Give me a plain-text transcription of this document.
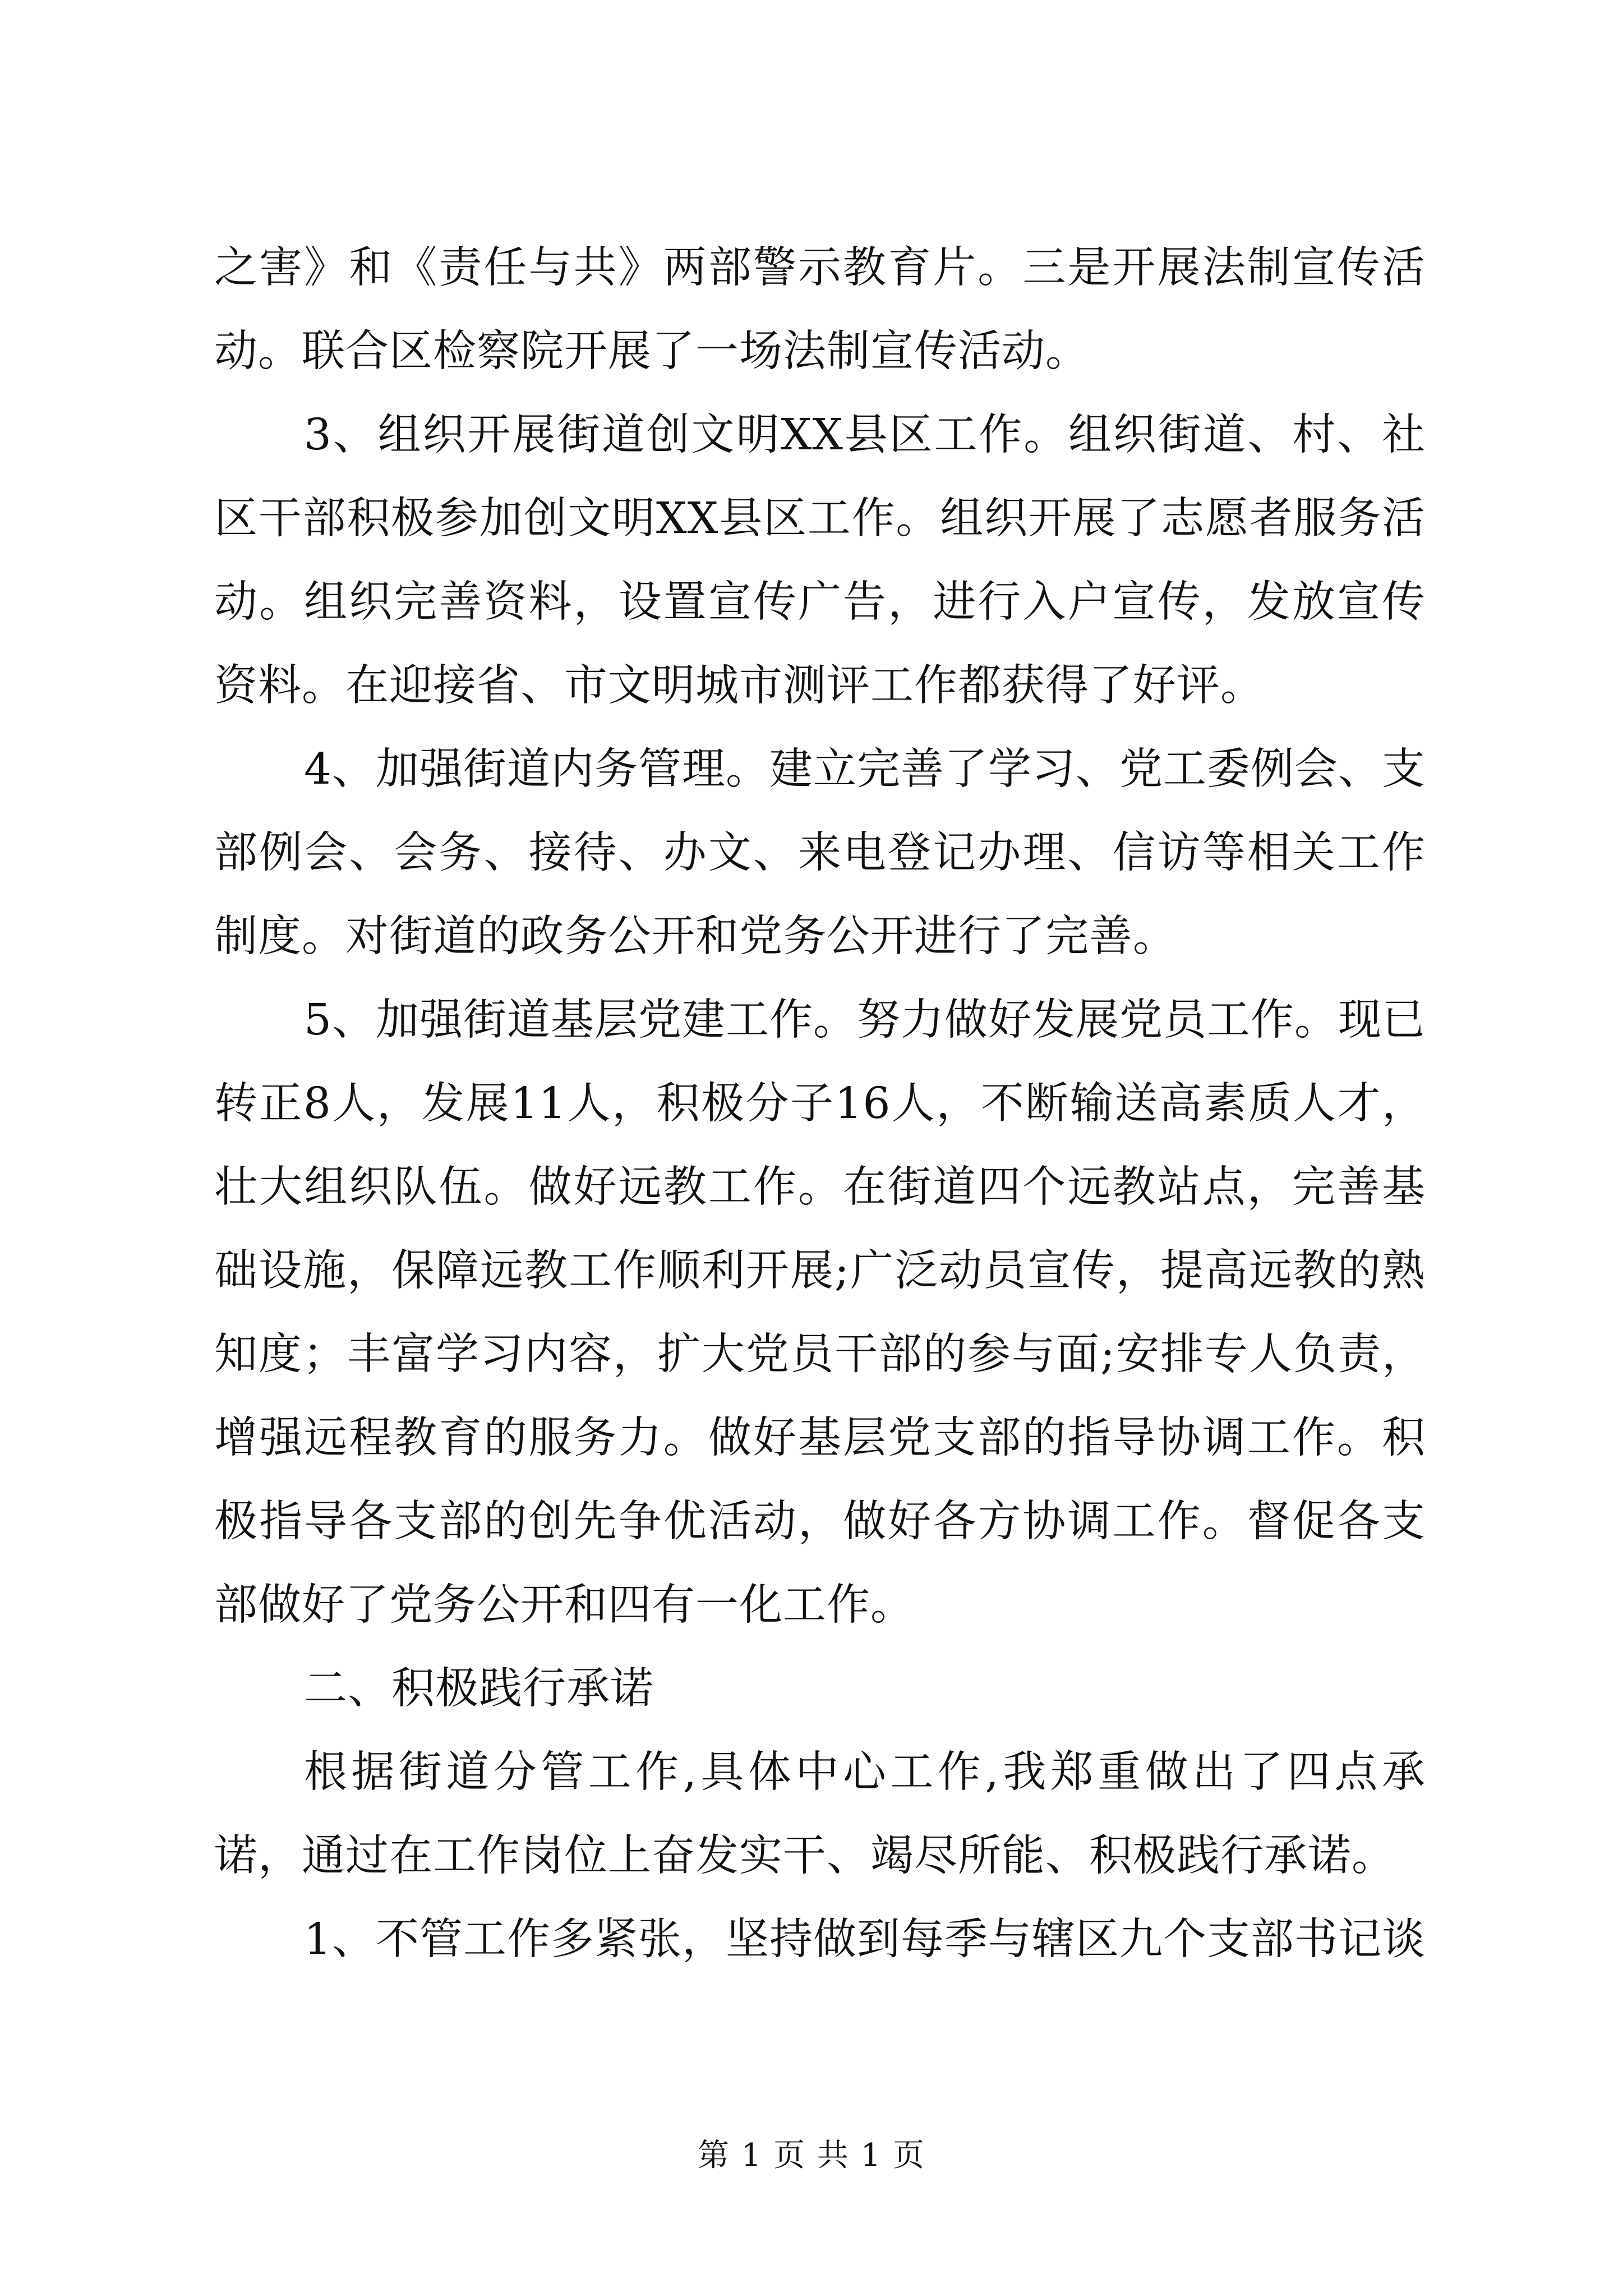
之害》和《责任与共》两部警示教育片。三是开展法制宣传活动。联合区检察院开展了一场法制宣传活动。

3、组织开展街道创文明XX县区工作。组织街道、村、社区干部积极参加创文明XX县区工作。组织开展了志愿者服务活动。组织完善资料，设置宣传广告，进行入户宣传，发放宣传资料。在迎接省、市文明城市测评工作都获得了好评。

4、加强街道内务管理。建立完善了学习、党工委例会、支部例会、会务、接待、办文、来电登记办理、信访等相关工作制度。对街道的政务公开和党务公开进行了完善。

5、加强街道基层党建工作。努力做好发展党员工作。现已转正8人，发展11人，积极分子16人，不断输送高素质人才，壮大组织队伍。做好远教工作。在街道四个远教站点，完善基础设施，保障远教工作顺利开展;广泛动员宣传，提高远教的熟知度；丰富学习内容，扩大党员干部的参与面;安排专人负责，增强远程教育的服务力。做好基层党支部的指导协调工作。积极指导各支部的创先争优活动，做好各方协调工作。督促各支部做好了党务公开和四有一化工作。

二、积极践行承诺

根据街道分管工作,具体中心工作,我郑重做出了四点承诺，通过在工作岗位上奋发实干、竭尽所能、积极践行承诺。

1、不管工作多紧张，坚持做到每季与辖区九个支部书记谈

第 1 页 共 1 页
